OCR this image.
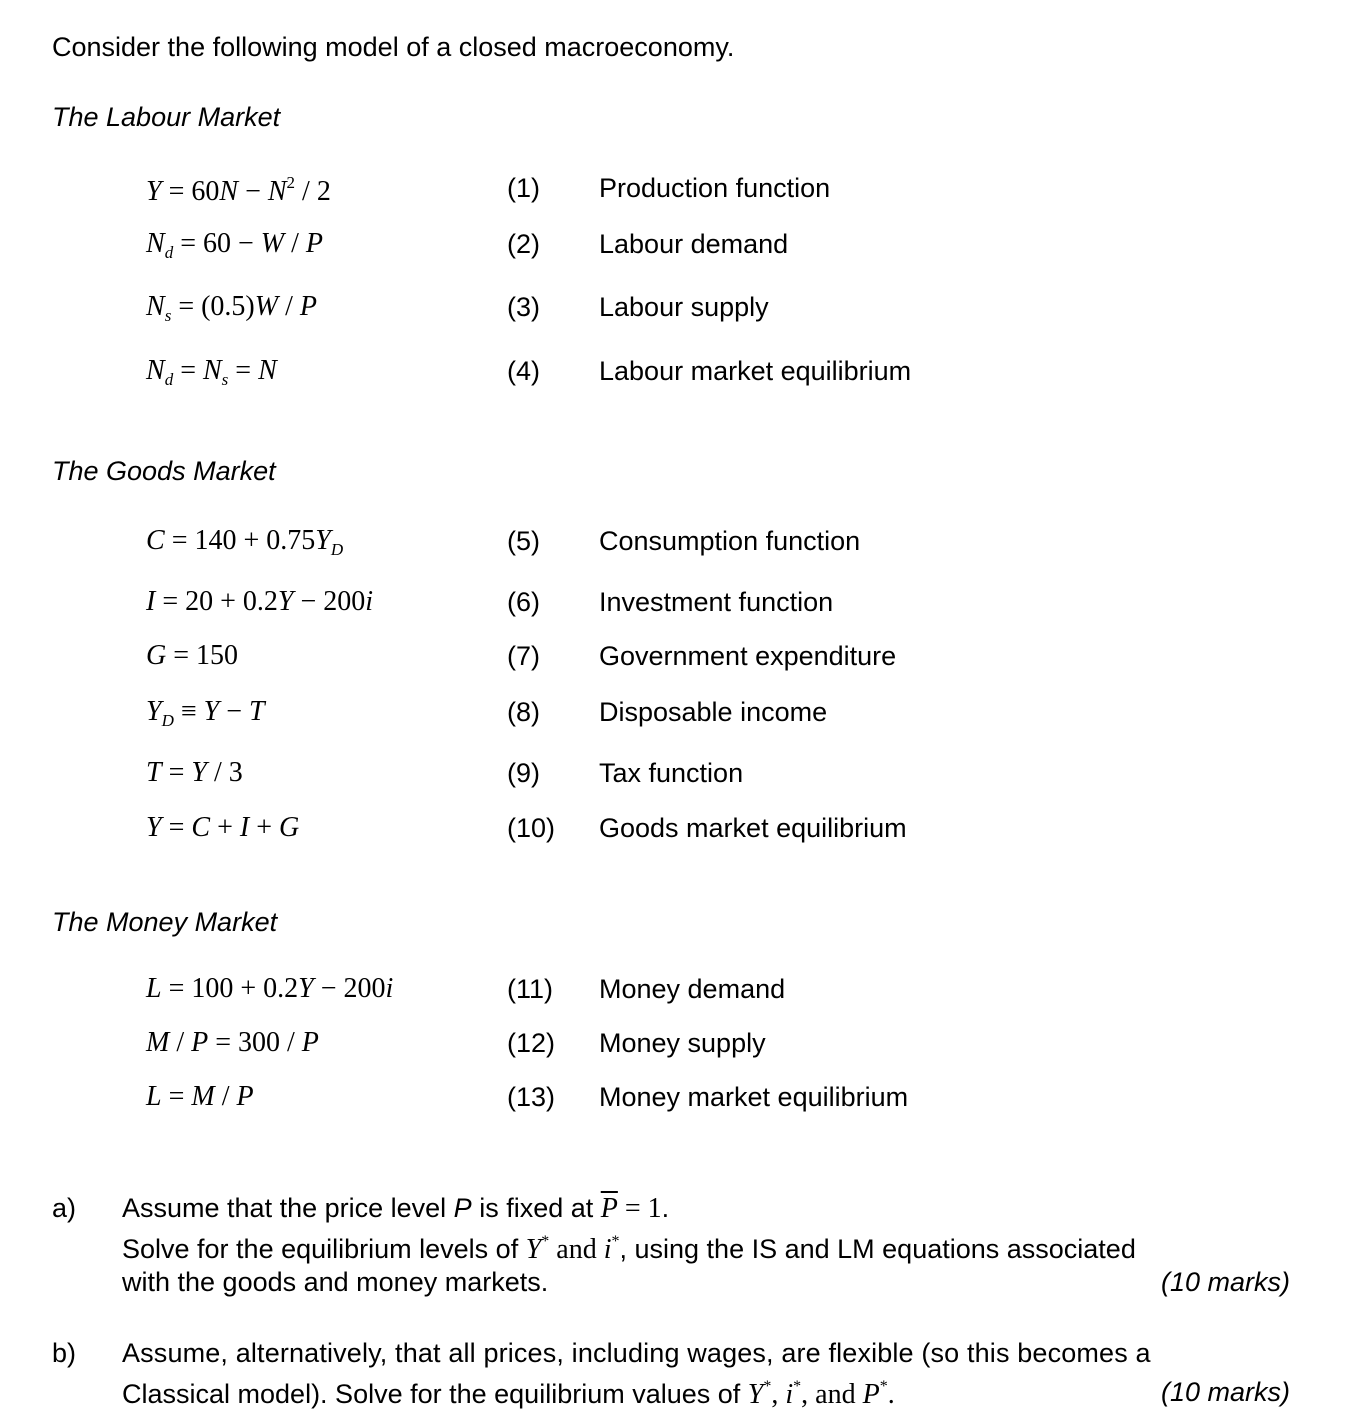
Consider the following model of a closed macroeconomy.
The Labour Market
$Y = 60N - N^2 / 2$	(1) Production function
$N_d = 60 - W / P$	(2) Labour demand
$N_s = (0.5)W / P$	(3) Labour supply
$N_d = N_s = N$	(4) Labour market equilibrium
The Goods Market
$C = 140 + 0.75Y_D$	(5) Consumption function
I = 20 + 0.2Y − 200i	(6) Investment function
G = 150	(7) Government expenditure
$Y_D \equiv Y - T$	(8) Disposable income
T = Y / 3	(9) Tax function
Y = C + I + G	(10) Goods market equilibrium
The Money Market
L = 100 + 0.2Y − 200i	(11) Money demand
M / P = 300 / P	(12) Money supply
L = M / P	(13) Money market equilibrium
a) Assume that the price level P is fixed at $\overline{P} = 1$.
Solve for the equilibrium levels of Y* and i*, using the IS and LM equations associated
with the goods and money markets.	(10 marks)
b) Assume, alternatively, that all prices, including wages, are flexible (so this becomes a
Classical model). Solve for the equilibrium values of Y*, i*, and P*.	(10 marks)
